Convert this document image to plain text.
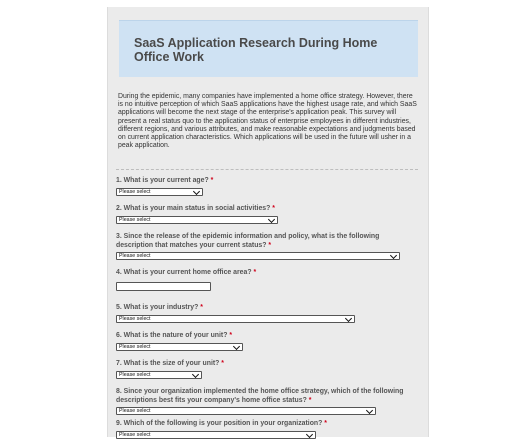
SaaS Application Research During Home Office Work

During the epidemic, many companies have implemented a home office strategy. However, there is no intuitive perception of which SaaS applications have the highest usage rate, and which SaaS applications will become the next stage of the enterprise's application peak. This survey will present a real status quo to the application status of enterprise employees in different industries, different regions, and various attributes, and make reasonable expectations and judgments based on current application characteristics. Which applications will be used in the future will usher in a peak application.

1. What is your current age? *
Please select
2. What is your main status in social activities? *
Please select
3. Since the release of the epidemic information and policy, what is the following description that matches your current status? *
Please select
4. What is your current home office area? *
5. What is your industry? *
Please select
6. What is the nature of your unit? *
Please select
7. What is the size of your unit? *
Please select
8. Since your organization implemented the home office strategy, which of the following descriptions best fits your company's home office status? *
Please select
9. Which of the following is your position in your organization? *
Please select
